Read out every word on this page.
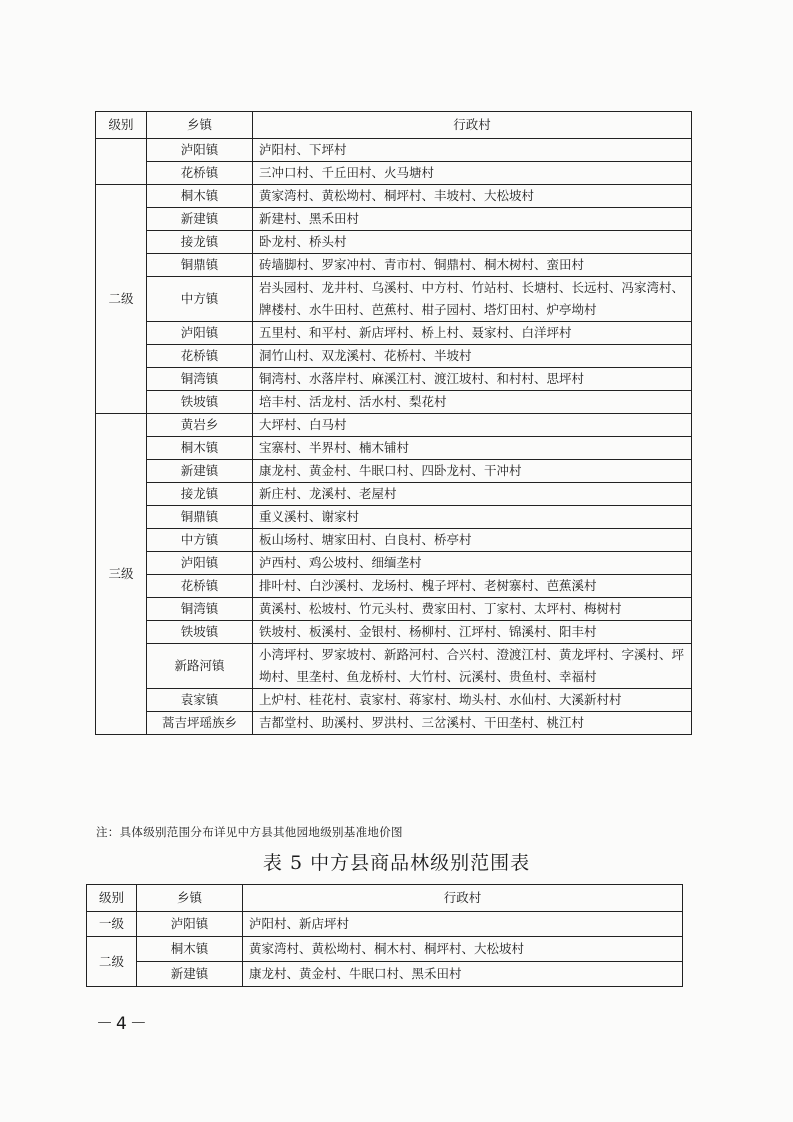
级别	乡镇	行政村
	泸阳镇	泸阳村、下坪村
	花桥镇	三冲口村、千丘田村、火马塘村
二级	桐木镇	黄家湾村、黄松坳村、桐坪村、丰坡村、大松坡村
	新建镇	新建村、黑禾田村
	接龙镇	卧龙村、桥头村
	铜鼎镇	砖墙脚村、罗家冲村、青市村、铜鼎村、桐木树村、蛮田村
	中方镇	岩头园村、龙井村、乌溪村、中方村、竹站村、长塘村、长远村、冯家湾村、牌楼村、水牛田村、芭蕉村、柑子园村、塔灯田村、炉亭坳村
	泸阳镇	五里村、和平村、新店坪村、桥上村、聂家村、白洋坪村
	花桥镇	洞竹山村、双龙溪村、花桥村、半坡村
	铜湾镇	铜湾村、水落岸村、麻溪江村、渡江坡村、和村村、思坪村
	铁坡镇	培丰村、活龙村、活水村、梨花村
三级	黄岩乡	大坪村、白马村
	桐木镇	宝寨村、半界村、楠木铺村
	新建镇	康龙村、黄金村、牛眠口村、四卧龙村、干冲村
	接龙镇	新庄村、龙溪村、老屋村
	铜鼎镇	重义溪村、谢家村
	中方镇	板山场村、塘家田村、白良村、桥亭村
	泸阳镇	泸西村、鸡公坡村、细缅垄村
	花桥镇	排叶村、白沙溪村、龙场村、槐子坪村、老树寨村、芭蕉溪村
	铜湾镇	黄溪村、松坡村、竹元头村、费家田村、丁家村、太坪村、梅树村
	铁坡镇	铁坡村、板溪村、金银村、杨柳村、江坪村、锦溪村、阳丰村
	新路河镇	小湾坪村、罗家坡村、新路河村、合兴村、澄渡江村、黄龙坪村、字溪村、坪坳村、里垄村、鱼龙桥村、大竹村、沅溪村、贵鱼村、幸福村
	袁家镇	上炉村、桂花村、袁家村、蒋家村、坳头村、水仙村、大溪新村村
	蒿吉坪瑶族乡	吉都堂村、助溪村、罗洪村、三岔溪村、干田垄村、桃江村
注：具体级别范围分布详见中方县其他园地级别基准地价图
表 5 中方县商品林级别范围表
级别	乡镇	行政村
一级	泸阳镇	泸阳村、新店坪村
二级	桐木镇	黄家湾村、黄松坳村、桐木村、桐坪村、大松坡村
	新建镇	康龙村、黄金村、牛眠口村、黑禾田村
－4－
